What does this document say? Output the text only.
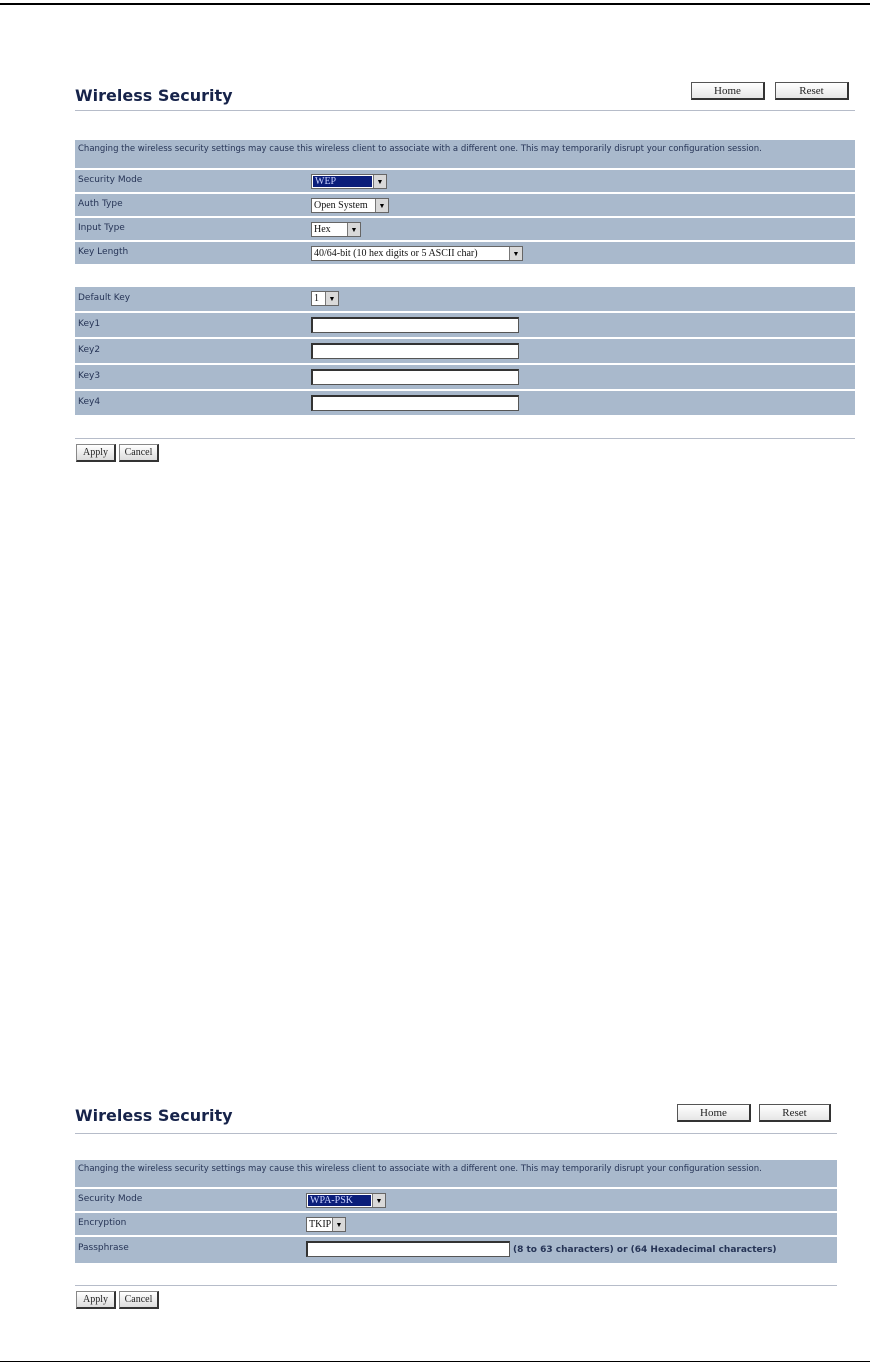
Wireless Security	Home	Reset
Changing the wireless security settings may cause this wireless client to associate with a different one. This may temporarily disrupt your configuration session.
Security Mode	WEP	▼
Auth Type	Open System	▼
Input Type	Hex	▼
Key Length	40/64-bit (10 hex digits or 5 ASCII char)	▼
Default Key	1	▼
Key1
Key2
Key3
Key4
Apply	Cancel
Wireless Security	Home	Reset
Changing the wireless security settings may cause this wireless client to associate with a different one. This may temporarily disrupt your configuration session.
Security Mode	WPA-PSK	▼
Encryption	TKIP ▼
Passphrase	(8 to 63 characters) or (64 Hexadecimal characters)
Apply	Cancel
